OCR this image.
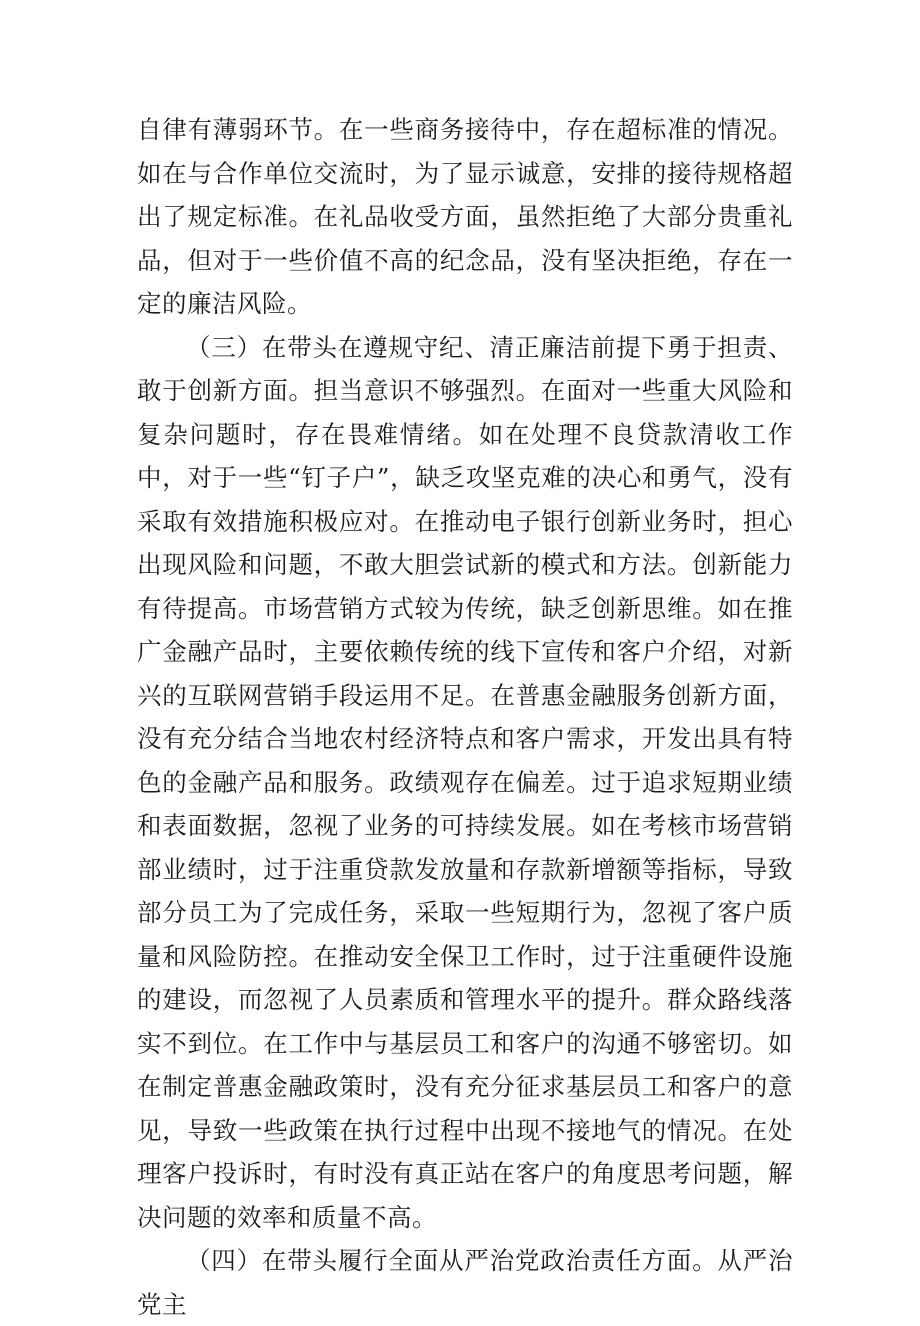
自律有薄弱环节。在一些商务接待中，存在超标准的情况。如在与合作单位交流时，为了显示诚意，安排的接待规格超出了规定标准。在礼品收受方面，虽然拒绝了大部分贵重礼品，但对于一些价值不高的纪念品，没有坚决拒绝，存在一定的廉洁风险。

（三）在带头在遵规守纪、清正廉洁前提下勇于担责、敢于创新方面。担当意识不够强烈。在面对一些重大风险和复杂问题时，存在畏难情绪。如在处理不良贷款清收工作中，对于一些“钉子户”，缺乏攻坚克难的决心和勇气，没有采取有效措施积极应对。在推动电子银行创新业务时，担心出现风险和问题，不敢大胆尝试新的模式和方法。创新能力有待提高。市场营销方式较为传统，缺乏创新思维。如在推广金融产品时，主要依赖传统的线下宣传和客户介绍，对新兴的互联网营销手段运用不足。在普惠金融服务创新方面，没有充分结合当地农村经济特点和客户需求，开发出具有特色的金融产品和服务。政绩观存在偏差。过于追求短期业绩和表面数据，忽视了业务的可持续发展。如在考核市场营销部业绩时，过于注重贷款发放量和存款新增额等指标，导致部分员工为了完成任务，采取一些短期行为，忽视了客户质量和风险防控。在推动安全保卫工作时，过于注重硬件设施的建设，而忽视了人员素质和管理水平的提升。群众路线落实不到位。在工作中与基层员工和客户的沟通不够密切。如在制定普惠金融政策时，没有充分征求基层员工和客户的意见，导致一些政策在执行过程中出现不接地气的情况。在处理客户投诉时，有时没有真正站在客户的角度思考问题，解决问题的效率和质量不高。

（四）在带头履行全面从严治党政治责任方面。从严治党主
